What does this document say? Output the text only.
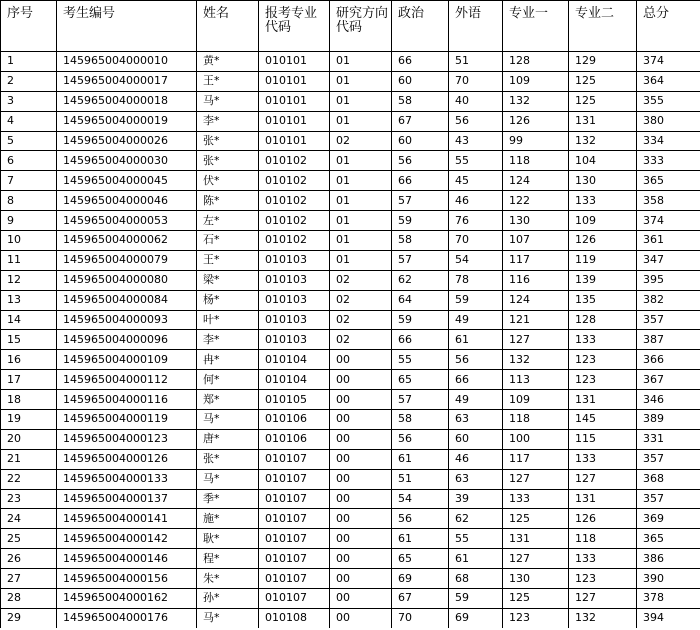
序号	考生编号	姓名	报考专业代码	研究方向代码	政治	外语	专业一	专业二	总分
1	145965004000010	黄*	010101	01	66	51	128	129	374
2	145965004000017	王*	010101	01	60	70	109	125	364
3	145965004000018	马*	010101	01	58	40	132	125	355
4	145965004000019	李*	010101	01	67	56	126	131	380
5	145965004000026	张*	010101	02	60	43	99	132	334
6	145965004000030	张*	010102	01	56	55	118	104	333
7	145965004000045	伏*	010102	01	66	45	124	130	365
8	145965004000046	陈*	010102	01	57	46	122	133	358
9	145965004000053	左*	010102	01	59	76	130	109	374
10	145965004000062	石*	010102	01	58	70	107	126	361
11	145965004000079	王*	010103	01	57	54	117	119	347
12	145965004000080	梁*	010103	02	62	78	116	139	395
13	145965004000084	杨*	010103	02	64	59	124	135	382
14	145965004000093	叶*	010103	02	59	49	121	128	357
15	145965004000096	李*	010103	02	66	61	127	133	387
16	145965004000109	冉*	010104	00	55	56	132	123	366
17	145965004000112	何*	010104	00	65	66	113	123	367
18	145965004000116	郑*	010105	00	57	49	109	131	346
19	145965004000119	马*	010106	00	58	63	118	145	389
20	145965004000123	唐*	010106	00	56	60	100	115	331
21	145965004000126	张*	010107	00	61	46	117	133	357
22	145965004000133	马*	010107	00	51	63	127	127	368
23	145965004000137	季*	010107	00	54	39	133	131	357
24	145965004000141	施*	010107	00	56	62	125	126	369
25	145965004000142	耿*	010107	00	61	55	131	118	365
26	145965004000146	程*	010107	00	65	61	127	133	386
27	145965004000156	朱*	010107	00	69	68	130	123	390
28	145965004000162	孙*	010107	00	67	59	125	127	378
29	145965004000176	马*	010108	00	70	69	123	132	394
